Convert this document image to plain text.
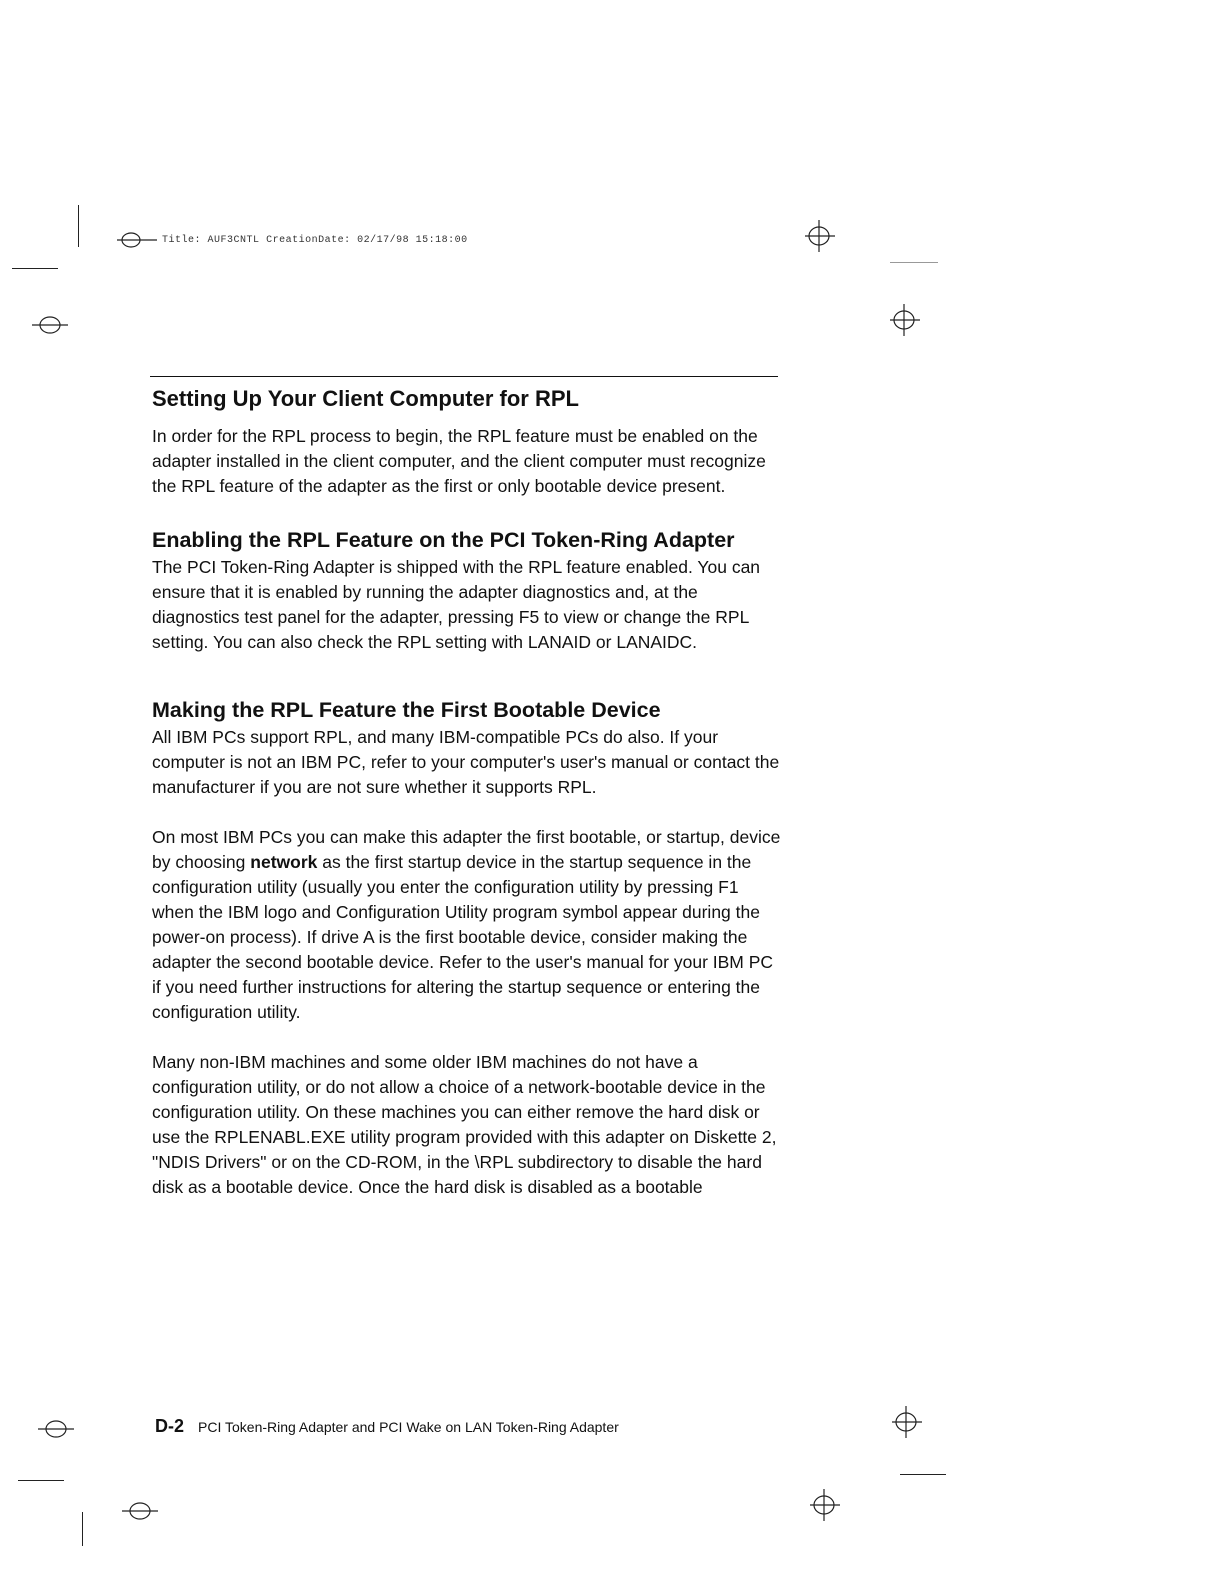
Title: AUF3CNTL CreationDate: 02/17/98 15:18:00
Setting Up Your Client Computer for RPL

In order for the RPL process to begin, the RPL feature must be enabled on the adapter installed in the client computer, and the client computer must recognize the RPL feature of the adapter as the first or only bootable device present.

Enabling the RPL Feature on the PCI Token-Ring Adapter

The PCI Token-Ring Adapter is shipped with the RPL feature enabled. You can ensure that it is enabled by running the adapter diagnostics and, at the diagnostics test panel for the adapter, pressing F5 to view or change the RPL setting. You can also check the RPL setting with LANAID or LANAIDC.

Making the RPL Feature the First Bootable Device

All IBM PCs support RPL, and many IBM-compatible PCs do also. If your computer is not an IBM PC, refer to your computer's user's manual or contact the manufacturer if you are not sure whether it supports RPL.

On most IBM PCs you can make this adapter the first bootable, or startup, device by choosing network as the first startup device in the startup sequence in the configuration utility (usually you enter the configuration utility by pressing F1 when the IBM logo and Configuration Utility program symbol appear during the power-on process). If drive A is the first bootable device, consider making the adapter the second bootable device. Refer to the user's manual for your IBM PC if you need further instructions for altering the startup sequence or entering the configuration utility.

Many non-IBM machines and some older IBM machines do not have a configuration utility, or do not allow a choice of a network-bootable device in the configuration utility. On these machines you can either remove the hard disk or use the RPLENABL.EXE utility program provided with this adapter on Diskette 2, "NDIS Drivers" or on the CD-ROM, in the \RPL subdirectory to disable the hard disk as a bootable device. Once the hard disk is disabled as a bootable

D-2 PCI Token-Ring Adapter and PCI Wake on LAN Token-Ring Adapter
